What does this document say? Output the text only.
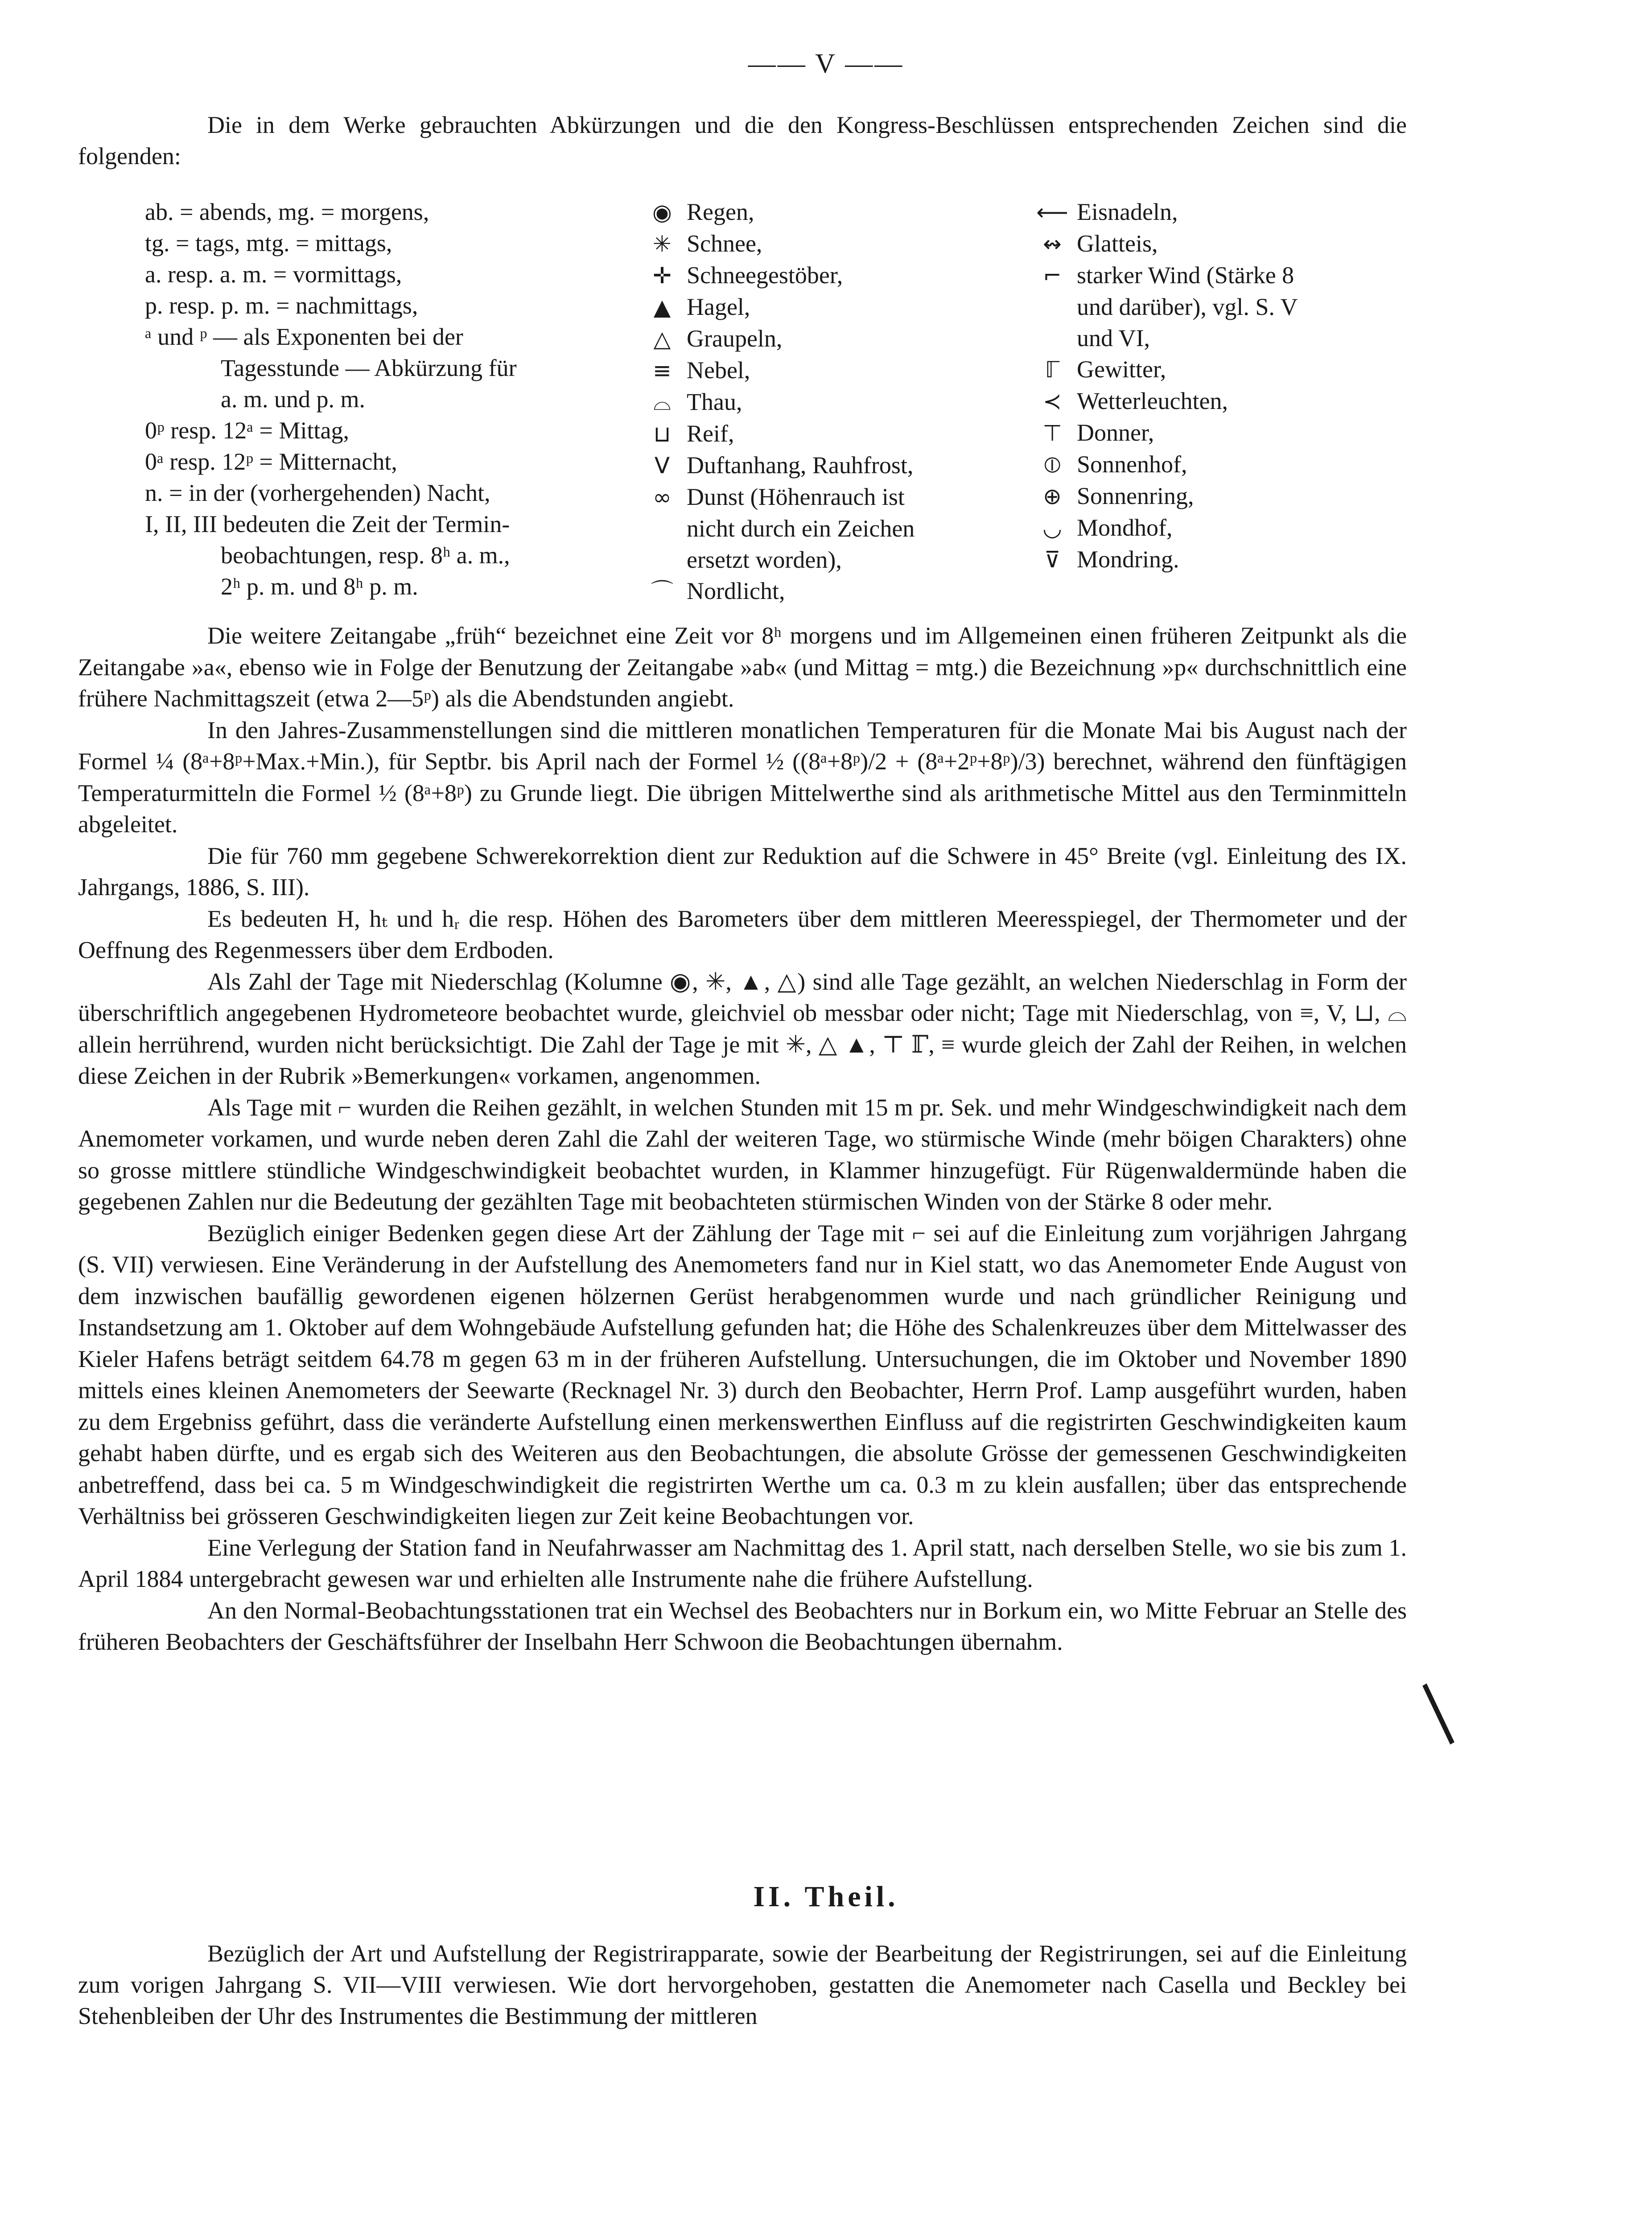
—— V ——
Die in dem Werke gebrauchten Abkürzungen und die den Kongress-Beschlüssen entsprechenden Zeichen sind die folgenden:
ab. = abends, mg. = morgens,
tg. = tags, mtg. = mittags,
a. resp. a. m. = vormittags,
p. resp. p. m. = nachmittags,
ᵃ und ᵖ — als Exponenten bei der
Tagesstunde — Abkürzung für
a. m. und p. m.
0ᵖ resp. 12ᵃ = Mittag,
0ᵃ resp. 12ᵖ = Mitternacht,
n. = in der (vorhergehenden) Nacht,
I, II, III bedeuten die Zeit der Termin-
beobachtungen, resp. 8ʰ a. m.,
2ʰ p. m. und 8ʰ p. m.
◉ Regen,
✳ Schnee,
✛ Schneegestöber,
▲ Hagel,
△ Graupeln,
≡ Nebel,
⌓ Thau,
⊔ Reif,
V Duftanhang, Rauhfrost,
∞ Dunst (Höhenrauch ist
nicht durch ein Zeichen
ersetzt worden),
⌒ Nordlicht,
⟵ Eisnadeln,
↭ Glatteis,
⌐ starker Wind (Stärke 8
und darüber), vgl. S. V
und VI,
ℾ Gewitter,
≺ Wetterleuchten,
⊤ Donner,
⦶ Sonnenhof,
⊕ Sonnenring,
◡ Mondhof,
⊽ Mondring.

Die weitere Zeitangabe „früh“ bezeichnet eine Zeit vor 8ʰ morgens und im Allgemeinen einen früheren Zeitpunkt als die Zeitangabe »a«, ebenso wie in Folge der Benutzung der Zeitangabe »ab« (und Mittag = mtg.) die Bezeichnung »p« durchschnittlich eine frühere Nachmittagszeit (etwa 2—5ᵖ) als die Abendstunden angiebt.

In den Jahres-Zusammenstellungen sind die mittleren monatlichen Temperaturen für die Monate Mai bis August nach der Formel ¼ (8ᵃ+8ᵖ+Max.+Min.), für Septbr. bis April nach der Formel ½ ((8ᵃ+8ᵖ)/2 + (8ᵃ+2ᵖ+8ᵖ)/3) berechnet, während den fünftägigen Temperaturmitteln die Formel ½ (8ᵃ+8ᵖ) zu Grunde liegt. Die übrigen Mittelwerthe sind als arithmetische Mittel aus den Terminmitteln abgeleitet.

Die für 760 mm gegebene Schwerekorrektion dient zur Reduktion auf die Schwere in 45° Breite (vgl. Einleitung des IX. Jahrgangs, 1886, S. III).

Es bedeuten H, hₜ und hᵣ die resp. Höhen des Barometers über dem mittleren Meeresspiegel, der Thermometer und der Oeffnung des Regenmessers über dem Erdboden.

Als Zahl der Tage mit Niederschlag (Kolumne ◉, ✳, ▲, △) sind alle Tage gezählt, an welchen Niederschlag in Form der überschriftlich angegebenen Hydrometeore beobachtet wurde, gleichviel ob messbar oder nicht; Tage mit Niederschlag, von ≡, V, ⊔, ⌓ allein herrührend, wurden nicht berücksichtigt. Die Zahl der Tage je mit ✳, △ ▲, ⊤ ℾ, ≡ wurde gleich der Zahl der Reihen, in welchen diese Zeichen in der Rubrik »Bemerkungen« vorkamen, angenommen.

Als Tage mit ⌐ wurden die Reihen gezählt, in welchen Stunden mit 15 m pr. Sek. und mehr Windgeschwindigkeit nach dem Anemometer vorkamen, und wurde neben deren Zahl die Zahl der weiteren Tage, wo stürmische Winde (mehr böigen Charakters) ohne so grosse mittlere stündliche Windgeschwindigkeit beobachtet wurden, in Klammer hinzugefügt. Für Rügenwaldermünde haben die gegebenen Zahlen nur die Bedeutung der gezählten Tage mit beobachteten stürmischen Winden von der Stärke 8 oder mehr.

Bezüglich einiger Bedenken gegen diese Art der Zählung der Tage mit ⌐ sei auf die Einleitung zum vorjährigen Jahrgang (S. VII) verwiesen. Eine Veränderung in der Aufstellung des Anemometers fand nur in Kiel statt, wo das Anemometer Ende August von dem inzwischen baufällig gewordenen eigenen hölzernen Gerüst herabgenommen wurde und nach gründlicher Reinigung und Instandsetzung am 1. Oktober auf dem Wohngebäude Aufstellung gefunden hat; die Höhe des Schalenkreuzes über dem Mittelwasser des Kieler Hafens beträgt seitdem 64.78 m gegen 63 m in der früheren Aufstellung. Untersuchungen, die im Oktober und November 1890 mittels eines kleinen Anemometers der Seewarte (Recknagel Nr. 3) durch den Beobachter, Herrn Prof. Lamp ausgeführt wurden, haben zu dem Ergebniss geführt, dass die veränderte Aufstellung einen merkenswerthen Einfluss auf die registrirten Geschwindigkeiten kaum gehabt haben dürfte, und es ergab sich des Weiteren aus den Beobachtungen, die absolute Grösse der gemessenen Geschwindigkeiten anbetreffend, dass bei ca. 5 m Windgeschwindigkeit die registrirten Werthe um ca. 0.3 m zu klein ausfallen; über das entsprechende Verhältniss bei grösseren Geschwindigkeiten liegen zur Zeit keine Beobachtungen vor.

Eine Verlegung der Station fand in Neufahrwasser am Nachmittag des 1. April statt, nach derselben Stelle, wo sie bis zum 1. April 1884 untergebracht gewesen war und erhielten alle Instrumente nahe die frühere Aufstellung.

An den Normal-Beobachtungsstationen trat ein Wechsel des Beobachters nur in Borkum ein, wo Mitte Februar an Stelle des früheren Beobachters der Geschäftsführer der Inselbahn Herr Schwoon die Beobachtungen übernahm.

\
II. Theil.
Bezüglich der Art und Aufstellung der Registrirapparate, sowie der Bearbeitung der Registrirungen, sei auf die Einleitung zum vorigen Jahrgang S. VII—VIII verwiesen. Wie dort hervorgehoben, gestatten die Anemometer nach Casella und Beckley bei Stehenbleiben der Uhr des Instrumentes die Bestimmung der mittleren
